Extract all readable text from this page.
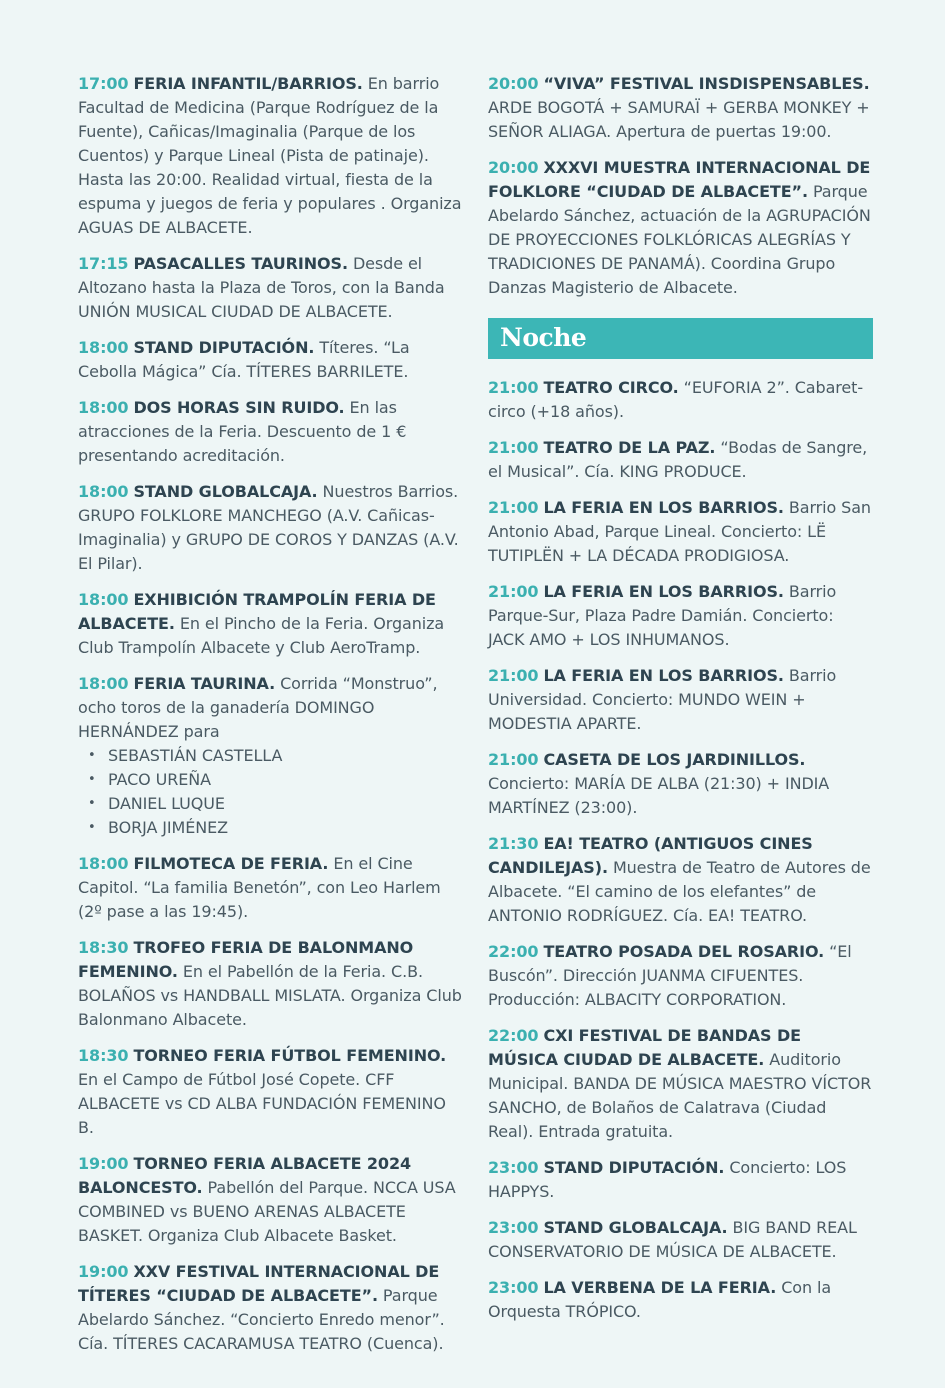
17:00 FERIA INFANTIL/BARRIOS. En barrio Facultad de Medicina (Parque Rodríguez de la Fuente), Cañicas/Imaginalia (Parque de los Cuentos) y Parque Lineal (Pista de patinaje). Hasta las 20:00. Realidad virtual, fiesta de la espuma y juegos de feria y populares . Organiza AGUAS DE ALBACETE.

17:15 PASACALLES TAURINOS. Desde el Altozano hasta la Plaza de Toros, con la Banda UNIÓN MUSICAL CIUDAD DE ALBACETE.

18:00 STAND DIPUTACIÓN. Títeres. “La Cebolla Mágica” Cía. TÍTERES BARRILETE.

18:00 DOS HORAS SIN RUIDO. En las atracciones de la Feria. Descuento de 1 € presentando acreditación.

18:00 STAND GLOBALCAJA. Nuestros Barrios. GRUPO FOLKLORE MANCHEGO (A.V. Cañicas-Imaginalia) y GRUPO DE COROS Y DANZAS (A.V. El Pilar).

18:00 EXHIBICIÓN TRAMPOLÍN FERIA DE ALBACETE. En el Pincho de la Feria. Organiza Club Trampolín Albacete y Club AeroTramp.

18:00 FERIA TAURINA. Corrida “Monstruo”, ocho toros de la ganadería DOMINGO HERNÁNDEZ para
• SEBASTIÁN CASTELLA
• PACO UREÑA
• DANIEL LUQUE
• BORJA JIMÉNEZ

18:00 FILMOTECA DE FERIA. En el Cine Capitol. “La familia Benetón”, con Leo Harlem (2º pase a las 19:45).

18:30 TROFEO FERIA DE BALONMANO FEMENINO. En el Pabellón de la Feria. C.B. BOLAÑOS vs HANDBALL MISLATA. Organiza Club Balonmano Albacete.

18:30 TORNEO FERIA FÚTBOL FEMENINO. En el Campo de Fútbol José Copete. CFF ALBACETE vs CD ALBA FUNDACIÓN FEMENINO B.

19:00 TORNEO FERIA ALBACETE 2024 BALONCESTO. Pabellón del Parque. NCCA USA COMBINED vs BUENO ARENAS ALBACETE BASKET. Organiza Club Albacete Basket.

19:00 XXV FESTIVAL INTERNACIONAL DE TÍTERES “CIUDAD DE ALBACETE”. Parque Abelardo Sánchez. “Concierto Enredo menor”. Cía. TÍTERES CACARAMUSA TEATRO (Cuenca).

20:00 “VIVA” FESTIVAL INSDISPENSABLES. ARDE BOGOTÁ + SAMURAÏ + GERBA MONKEY + SEÑOR ALIAGA. Apertura de puertas 19:00.

20:00 XXXVI MUESTRA INTERNACIONAL DE FOLKLORE “CIUDAD DE ALBACETE”. Parque Abelardo Sánchez, actuación de la AGRUPACIÓN DE PROYECCIONES FOLKLÓRICAS ALEGRÍAS Y TRADICIONES DE PANAMÁ). Coordina Grupo Danzas Magisterio de Albacete.

Noche

21:00 TEATRO CIRCO. “EUFORIA 2”. Cabaret-circo (+18 años).

21:00 TEATRO DE LA PAZ. “Bodas de Sangre, el Musical”. Cía. KING PRODUCE.

21:00 LA FERIA EN LOS BARRIOS. Barrio San Antonio Abad, Parque Lineal. Concierto: LË TUTIPLËN + LA DÉCADA PRODIGIOSA.

21:00 LA FERIA EN LOS BARRIOS. Barrio Parque-Sur, Plaza Padre Damián. Concierto: JACK AMO + LOS INHUMANOS.

21:00 LA FERIA EN LOS BARRIOS. Barrio Universidad. Concierto: MUNDO WEIN + MODESTIA APARTE.

21:00 CASETA DE LOS JARDINILLOS. Concierto: MARÍA DE ALBA (21:30) + INDIA MARTÍNEZ (23:00).

21:30 EA! TEATRO (ANTIGUOS CINES CANDILEJAS). Muestra de Teatro de Autores de Albacete. “El camino de los elefantes” de ANTONIO RODRÍGUEZ. Cía. EA! TEATRO.

22:00 TEATRO POSADA DEL ROSARIO. “El Buscón”. Dirección JUANMA CIFUENTES. Producción: ALBACITY CORPORATION.

22:00 CXI FESTIVAL DE BANDAS DE MÚSICA CIUDAD DE ALBACETE. Auditorio Municipal. BANDA DE MÚSICA MAESTRO VÍCTOR SANCHO, de Bolaños de Calatrava (Ciudad Real). Entrada gratuita.

23:00 STAND DIPUTACIÓN. Concierto: LOS HAPPYS.

23:00 STAND GLOBALCAJA. BIG BAND REAL CONSERVATORIO DE MÚSICA DE ALBACETE.

23:00 LA VERBENA DE LA FERIA. Con la Orquesta TRÓPICO.
